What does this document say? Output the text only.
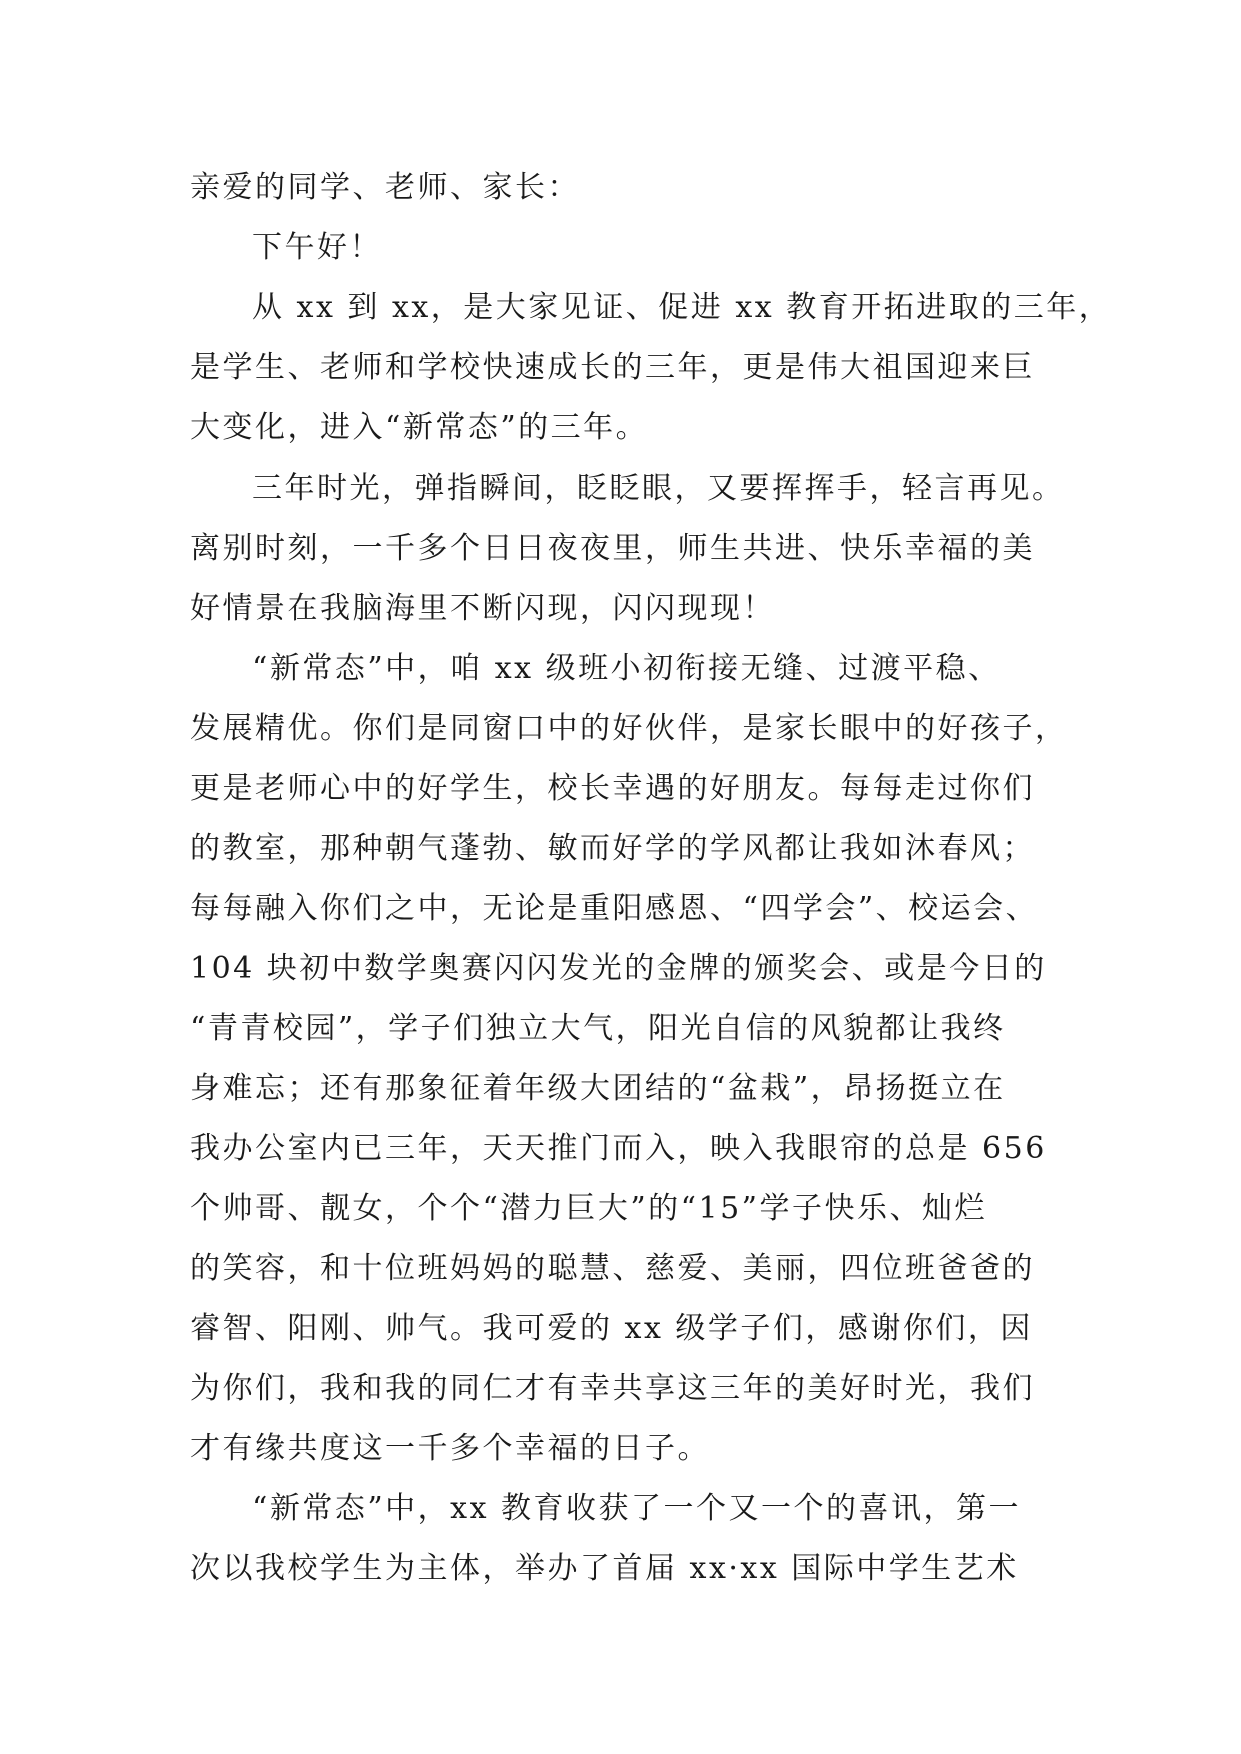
亲爱的同学、老师、家长：
下午好！
从 xx 到 xx，是大家见证、促进 xx 教育开拓进取的三年，
是学生、老师和学校快速成长的三年，更是伟大祖国迎来巨
大变化，进入“新常态”的三年。
三年时光，弹指瞬间，眨眨眼，又要挥挥手，轻言再见。
离别时刻，一千多个日日夜夜里，师生共进、快乐幸福的美
好情景在我脑海里不断闪现，闪闪现现！
“新常态”中，咱 xx 级班小初衔接无缝、过渡平稳、
发展精优。你们是同窗口中的好伙伴，是家长眼中的好孩子，
更是老师心中的好学生，校长幸遇的好朋友。每每走过你们
的教室，那种朝气蓬勃、敏而好学的学风都让我如沐春风；
每每融入你们之中，无论是重阳感恩、“四学会”、校运会、
104 块初中数学奥赛闪闪发光的金牌的颁奖会、或是今日的
“青青校园”，学子们独立大气，阳光自信的风貌都让我终
身难忘；还有那象征着年级大团结的“盆栽”，昂扬挺立在
我办公室内已三年，天天推门而入，映入我眼帘的总是 656
个帅哥、靓女，个个“潜力巨大”的“15”学子快乐、灿烂
的笑容，和十位班妈妈的聪慧、慈爱、美丽，四位班爸爸的
睿智、阳刚、帅气。我可爱的 xx 级学子们，感谢你们，因
为你们，我和我的同仁才有幸共享这三年的美好时光，我们
才有缘共度这一千多个幸福的日子。
“新常态”中，xx 教育收获了一个又一个的喜讯，第一
次以我校学生为主体，举办了首届 xx·xx 国际中学生艺术
